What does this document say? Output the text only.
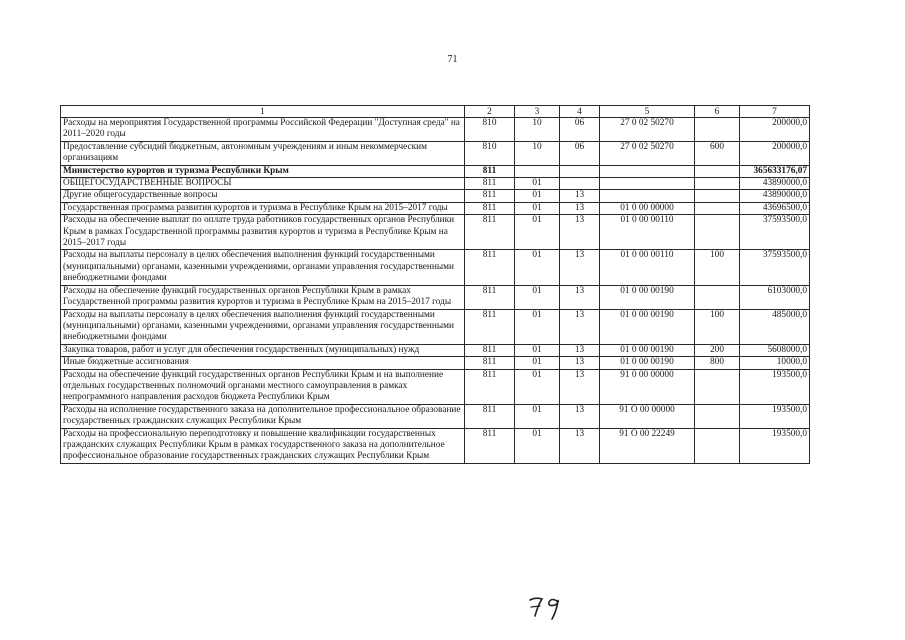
71
1	2	3	4	5	6	7
Расходы на мероприятия Государственной программы Российской Федерации "Доступная среда" на 2011–2020 годы	810	10	06	27 0 02 50270		200000,0
Предоставление субсидий бюджетным, автономным учреждениям и иным некоммерческим организациям	810	10	06	27 0 02 50270	600	200000,0
Министерство курортов и туризма Республики Крым	811					365633176,07
ОБЩЕГОСУДАРСТВЕННЫЕ ВОПРОСЫ	811	01				43890000,0
Другие общегосударственные вопросы	811	01	13			43890000,0
Государственная программа развития курортов и туризма в Республике Крым на 2015–2017 годы	811	01	13	01 0 00 00000		43696500,0
Расходы на обеспечение выплат по оплате труда работников государственных органов Республики Крым в рамках Государственной программы развития курортов и туризма в Республике Крым на 2015–2017 годы	811	01	13	01 0 00 00110		37593500,0
Расходы на выплаты персоналу в целях обеспечения выполнения функций государственными (муниципальными) органами, казенными учреждениями, органами управления государственными внебюджетными фондами	811	01	13	01 0 00 00110	100	37593500,0
Расходы на обеспечение функций государственных органов Республики Крым в рамках Государственной программы развития курортов и туризма в Республике Крым на 2015–2017 годы	811	01	13	01 0 00 00190		6103000,0
Расходы на выплаты персоналу в целях обеспечения выполнения функций государственными (муниципальными) органами, казенными учреждениями, органами управления государственными внебюджетными фондами	811	01	13	01 0 00 00190	100	485000,0
Закупка товаров, работ и услуг для обеспечения государственных (муниципальных) нужд	811	01	13	01 0 00 00190	200	5608000,0
Иные бюджетные ассигнования	811	01	13	01 0 00 00190	800	10000,0
Расходы на обеспечение функций государственных органов Республики Крым и на выполнение отдельных государственных полномочий органами местного самоуправления в рамках непрограммного направления расходов бюджета Республики Крым	811	01	13	91 0 00 00000		193500,0
Расходы на исполнение государственного заказа на дополнительное профессиональное образование государственных гражданских служащих Республики Крым	811	01	13	91 О 00 00000		193500,0
Расходы на профессиональную переподготовку и повышение квалификации государственных гражданских служащих Республики Крым в рамках государственного заказа на дополнительное профессиональное образование государственных гражданских служащих Республики Крым	811	01	13	91 О 00 22249		193500,0
